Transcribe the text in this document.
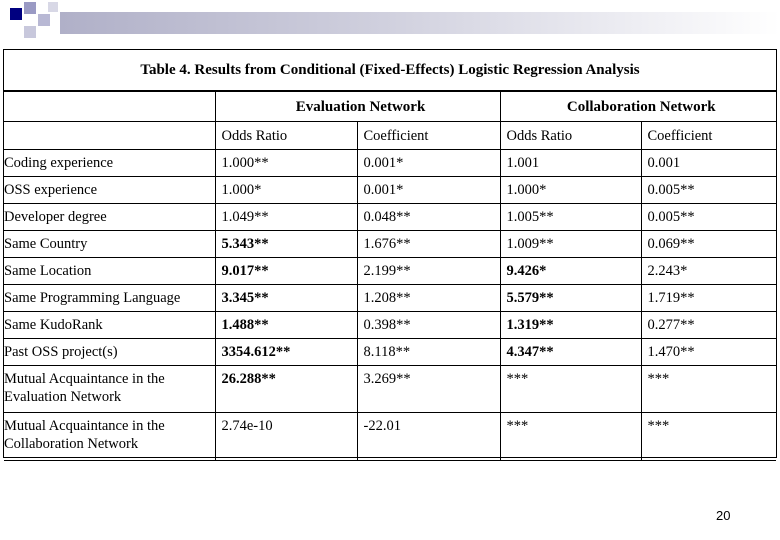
Table 4. Results from Conditional (Fixed-Effects) Logistic Regression Analysis
	Evaluation Network		Collaboration Network	
	Odds Ratio	Coefficient	Odds Ratio	Coefficient
Coding experience	1.000**	0.001*	1.001	0.001
OSS experience	1.000*	0.001*	1.000*	0.005**
Developer degree	1.049**	0.048**	1.005**	0.005**
Same Country	5.343**	1.676**	1.009**	0.069**
Same Location	9.017**	2.199**	9.426*	2.243*
Same Programming Language	3.345**	1.208**	5.579**	1.719**
Same KudoRank	1.488**	0.398**	1.319**	0.277**
Past OSS project(s)	3354.612**	8.118**	4.347**	1.470**

Mutual Acquaintance in the
Evaluation Network	26.288**	3.269**	***	***

Mutual Acquaintance in the
Collaboration Network	2.74e-10	-22.01	***	***
20
